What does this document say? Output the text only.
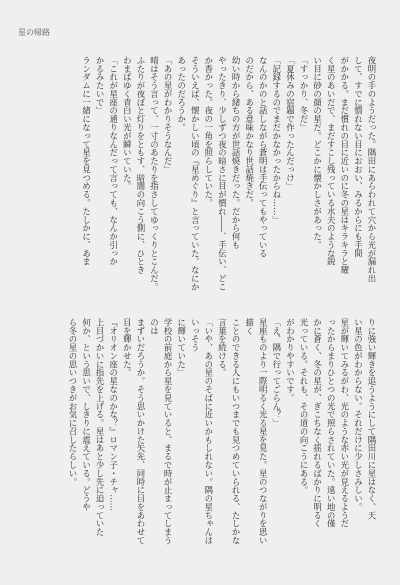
星の帰路

夜明の手のようだった。隅田にあらわれて穴から光が漏れ出

して、すでに慣れない目におおい、みるからにも手間

がかかる。まだ慣れの目に近いのに冬の星はキラキラと耀

く星のあいだで、まだすこし残っている水夫のような鋭

い目に砂の顔の星だ。どこかに懐かしさがあった。

「すっかり、冬だ」

「夏休みの宿題で作ったんだっけ」

「記録するのでまだかなかったからね……」

なんのかのと話しながら蒼明は手伝ってもやっている

のだから、ある意味かなり世話焼きだ。

幼い時から緒ちの方が世話焼きだった。だから何も

やったきり、少しずつ夜の暗さに目が慣れ――、手伝い、どこ

か香かった。夜の一角を照らしていた。

そういえば、懐かしい頃の『星めぐり』と言っていた。なにか

あったのだろうか。

「あの星がわかりそうなんだ」

晴はそう言って、一寸のあたりを指さしてゆっくりとこんだ。

ふたりが夜ぼと灯りをともす、暗闇の向こう側に、ひとき

わまばゆく青白い光が瞬いていた。

「これが星座の通りなんだって言っても、なんか引っか

かるみたいで」

ランダムに一緒になって星を見つめる。たしかに、あま

りに強い輝きを追うようにして隅田川に星はなく、天

い星の色がわからない。それだけに少しさみしい。

星が輝いてみるがわ、光のような赤い光が見えるようだ

ったからまりひとつの光で照らされていた。遠い地の僅

かに蒼く、冬の星が、ぎこちなく揺れるばかりに明るく

光っている。それも、その道の向こうにある。

がわかりやすいです。

「え、隅で行ってごらん？」

星座ものより一際明るく光る星を見た。星のつながりを思い描く

ことのできる人にもいつまでも見つめていられる、たしかな

言葉を続ける。

「いや、あの星のそばに近いかもしれない。隅の星ちゃんはいっそう

に輝いていた」

学校の前庭から星を見ていると、まるで時が止まってしまうのは

まずいだろうか。そう思いかけた矢先、同時に目をあわせて

目を輝かせた。

『オリオン座の星なのかな？』ロマン子・チャ……

上目づかいに指先を上げる。星はあと少し先に迫っていた

何か、という思いで、しきりに震えている。どうや

ら冬の星の思いつきがお気に召したらしい。
